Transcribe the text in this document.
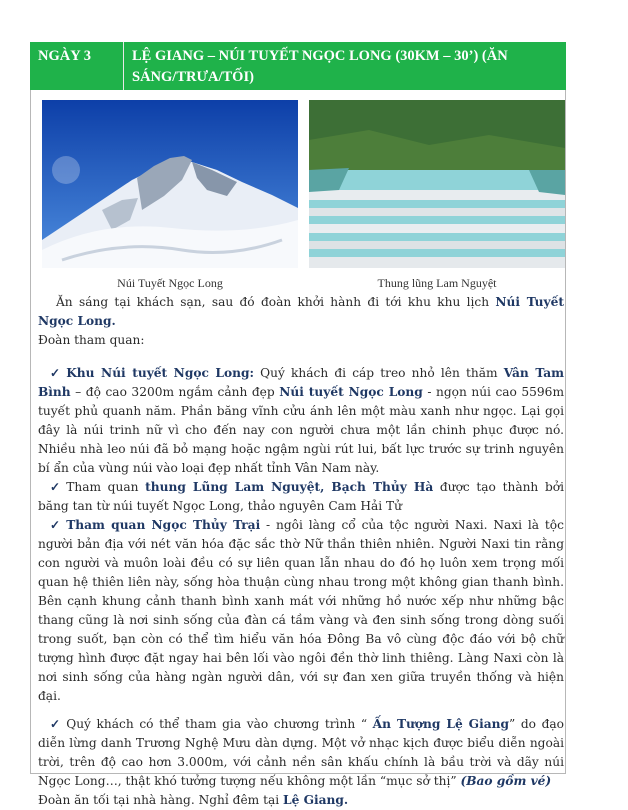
NGÀY 3	LỆ GIANG – NÚI TUYẾT NGỌC LONG (30KM – 30’) (ĂN SÁNG/TRƯA/TỐI)
Núi Tuyết Ngọc Long	Thung lũng Lam Nguyệt

Ăn sáng tại khách sạn, sau đó đoàn khởi hành đi tới khu khu lịch Núi Tuyết Ngọc Long.

Đoàn tham quan:

✓ Khu Núi tuyết Ngọc Long: Quý khách đi cáp treo nhỏ lên thăm Vân Tam Bình – độ cao 3200m ngắm cảnh đẹp Núi tuyết Ngọc Long - ngọn núi cao 5596m tuyết phủ quanh năm. Phần băng vĩnh cửu ánh lên một màu xanh như ngọc. Lại gọi đây là núi trinh nữ vì cho đến nay con người chưa một lần chinh phục được nó. Nhiều nhà leo núi đã bỏ mạng hoặc ngậm ngùi rút lui, bất lực trước sự trinh nguyên bí ẩn của vùng núi vào loại đẹp nhất tỉnh Vân Nam này.

✓ Tham quan thung Lũng Lam Nguyệt, Bạch Thủy Hà được tạo thành bởi băng tan từ núi tuyết Ngọc Long, thảo nguyên Cam Hải Tử

✓ Tham quan Ngọc Thủy Trại - ngôi làng cổ của tộc người Naxi. Naxi là tộc người bản địa với nét văn hóa đặc sắc thờ Nữ thần thiên nhiên. Người Naxi tin rằng con người và muôn loài đều có sự liên quan lẫn nhau do đó họ luôn xem trọng mối quan hệ thiên liên này, sống hòa thuận cùng nhau trong một không gian thanh bình. Bên cạnh khung cảnh thanh bình xanh mát với những hồ nước xếp như những bậc thang cũng là nơi sinh sống của đàn cá tầm vàng và đen sinh sống trong dòng suối trong suốt, bạn còn có thể tìm hiểu văn hóa Đông Ba vô cùng độc đáo với bộ chữ tượng hình được đặt ngay hai bên lối vào ngôi đền thờ linh thiêng. Làng Naxi còn là nơi sinh sống của hàng ngàn người dân, với sự đan xen giữa truyền thống và hiện đại.

✓ Quý khách có thể tham gia vào chương trình “ Ấn Tượng Lệ Giang” do đạo diễn lừng danh Trương Nghệ Mưu dàn dựng. Một vở nhạc kịch được biểu diễn ngoài trời, trên độ cao hơn 3.000m, với cảnh nền sân khấu chính là bầu trời và dãy núi Ngọc Long…, thật khó tưởng tượng nếu không một lần “mục sở thị” (Bao gồm vé)

Đoàn ăn tối tại nhà hàng. Nghỉ đêm tại Lệ Giang.
